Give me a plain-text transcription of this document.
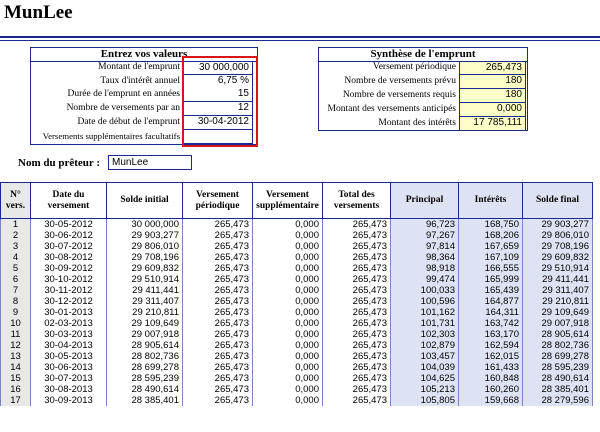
MunLee
Entrez vos valeurs
Montant de l'emprunt	30 000,000
Taux d'intérêt annuel	6,75 %
Durée de l'emprunt en années	15
Nombre de versements par an	12
Date de début de l'emprunt	30-04-2012
Versements supplémentaires facultatifs
Synthèse de l'emprunt
Versement périodique	265,473
Nombre de versements prévu	180
Nombre de versements requis	180
Montant des versements anticipés	0,000
Montant des intérêts	17 785,111
Nom du prêteur :	MunLee
N° vers.	Date du versement	Solde initial	Versement périodique	Versement supplémentaire	Total des versements	Principal	Intérêts	Solde final
1	30-05-2012	30 000,000	265,473	0,000	265,473	96,723	168,750	29 903,277
2	30-06-2012	29 903,277	265,473	0,000	265,473	97,267	168,206	29 806,010
3	30-07-2012	29 806,010	265,473	0,000	265,473	97,814	167,659	29 708,196
4	30-08-2012	29 708,196	265,473	0,000	265,473	98,364	167,109	29 609,832
5	30-09-2012	29 609,832	265,473	0,000	265,473	98,918	166,555	29 510,914
6	30-10-2012	29 510,914	265,473	0,000	265,473	99,474	165,999	29 411,441
7	30-11-2012	29 411,441	265,473	0,000	265,473	100,033	165,439	29 311,407
8	30-12-2012	29 311,407	265,473	0,000	265,473	100,596	164,877	29 210,811
9	30-01-2013	29 210,811	265,473	0,000	265,473	101,162	164,311	29 109,649
10	02-03-2013	29 109,649	265,473	0,000	265,473	101,731	163,742	29 007,918
11	30-03-2013	29 007,918	265,473	0,000	265,473	102,303	163,170	28 905,614
12	30-04-2013	28 905,614	265,473	0,000	265,473	102,879	162,594	28 802,736
13	30-05-2013	28 802,736	265,473	0,000	265,473	103,457	162,015	28 699,278
14	30-06-2013	28 699,278	265,473	0,000	265,473	104,039	161,433	28 595,239
15	30-07-2013	28 595,239	265,473	0,000	265,473	104,625	160,848	28 490,614
16	30-08-2013	28 490,614	265,473	0,000	265,473	105,213	160,260	28 385,401
17	30-09-2013	28 385,401	265,473	0,000	265,473	105,805	159,668	28 279,596
